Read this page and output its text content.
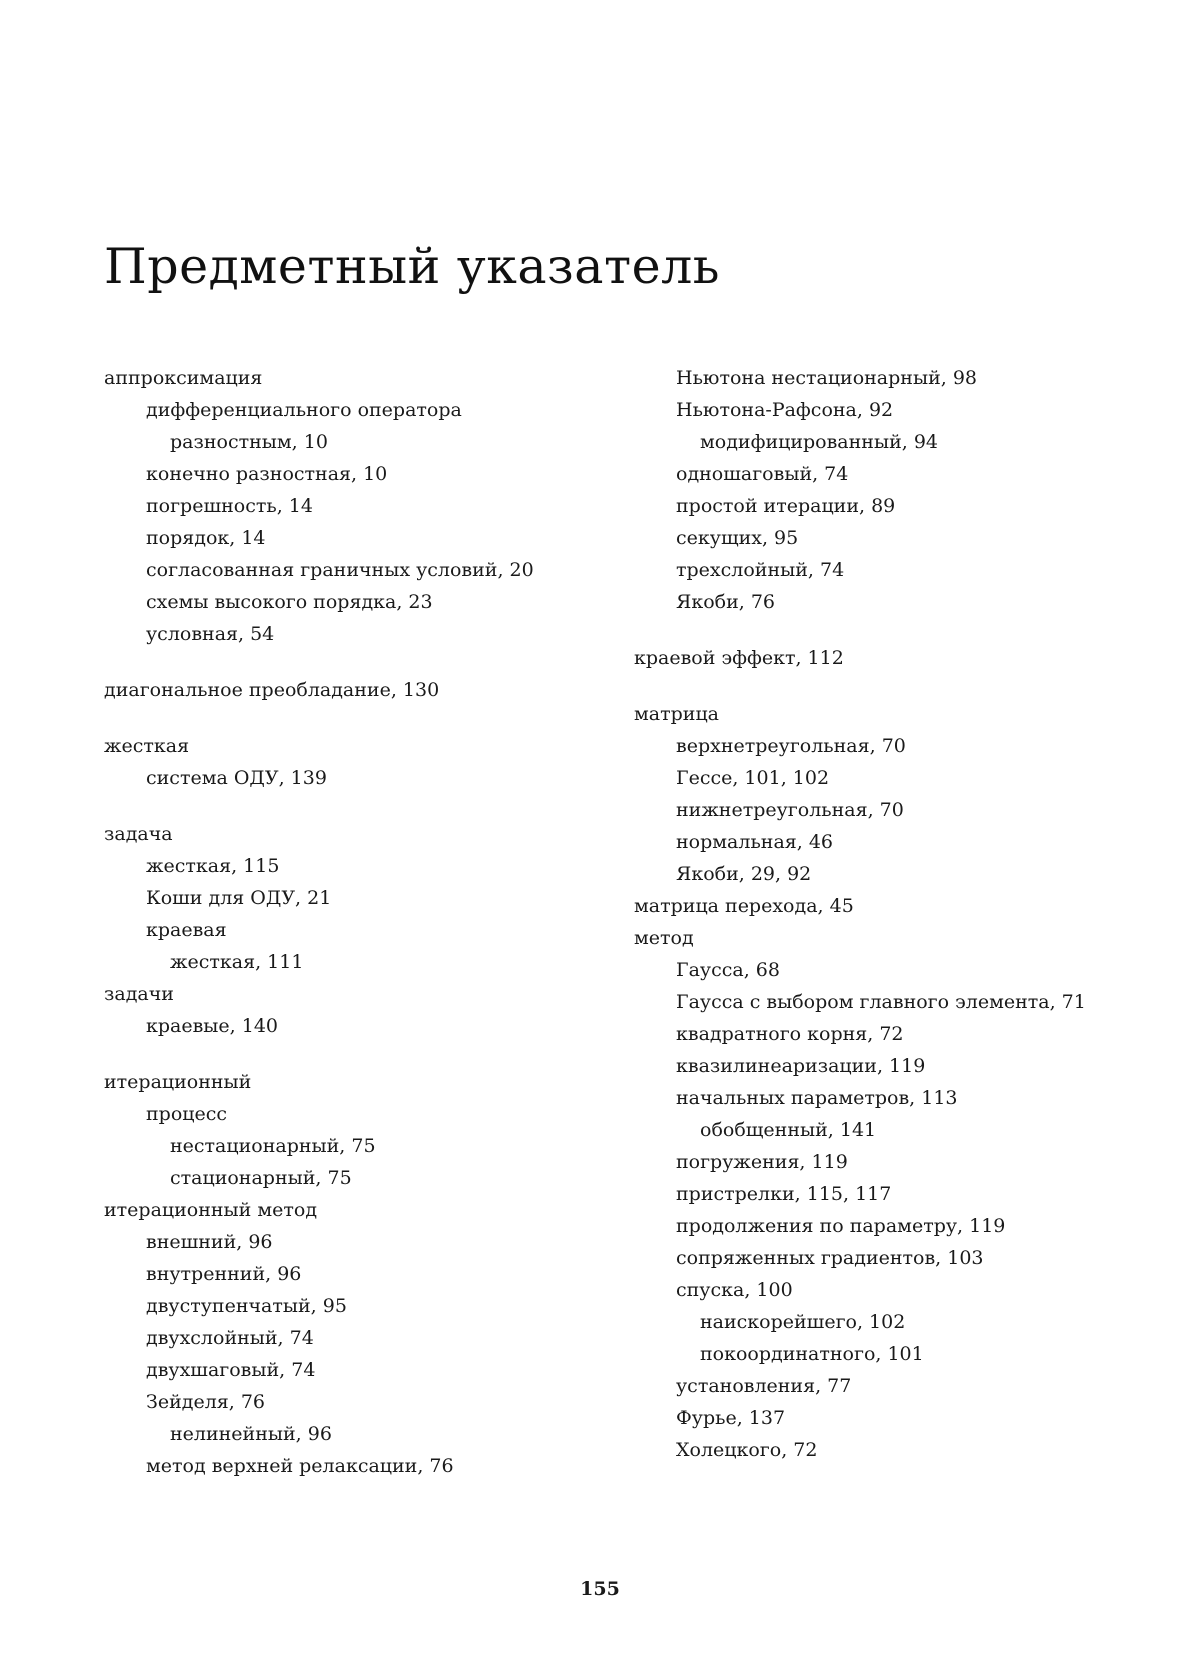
Предметный указатель
аппроксимация
дифференциального оператора разностным, 10
конечно разностная, 10
погрешность, 14
порядок, 14
согласованная граничных условий, 20
схемы высокого порядка, 23
условная, 54
диагональное преобладание, 130
жесткая
система ОДУ, 139
задача
жесткая, 115
Коши для ОДУ, 21
краевая
жесткая, 111
задачи
краевые, 140
итерационный
процесс
нестационарный, 75
стационарный, 75
итерационный метод
внешний, 96
внутренний, 96
двуступенчатый, 95
двухслойный, 74
двухшаговый, 74
Зейделя, 76
нелинейный, 96
метод верхней релаксации, 76
Ньютона нестационарный, 98
Ньютона-Рафсона, 92
модифицированный, 94
одношаговый, 74
простой итерации, 89
секущих, 95
трехслойный, 74
Якоби, 76
краевой эффект, 112
матрица
верхнетреугольная, 70
Гессе, 101, 102
нижнетреугольная, 70
нормальная, 46
Якоби, 29, 92
матрица перехода, 45
метод
Гаусса, 68
Гаусса с выбором главного элемента, 71
квадратного корня, 72
квазилинеаризации, 119
начальных параметров, 113
обобщенный, 141
погружения, 119
пристрелки, 115, 117
продолжения по параметру, 119
сопряженных градиентов, 103
спуска, 100
наискорейшего, 102
покоординатного, 101
установления, 77
Фурье, 137
Холецкого, 72
155
